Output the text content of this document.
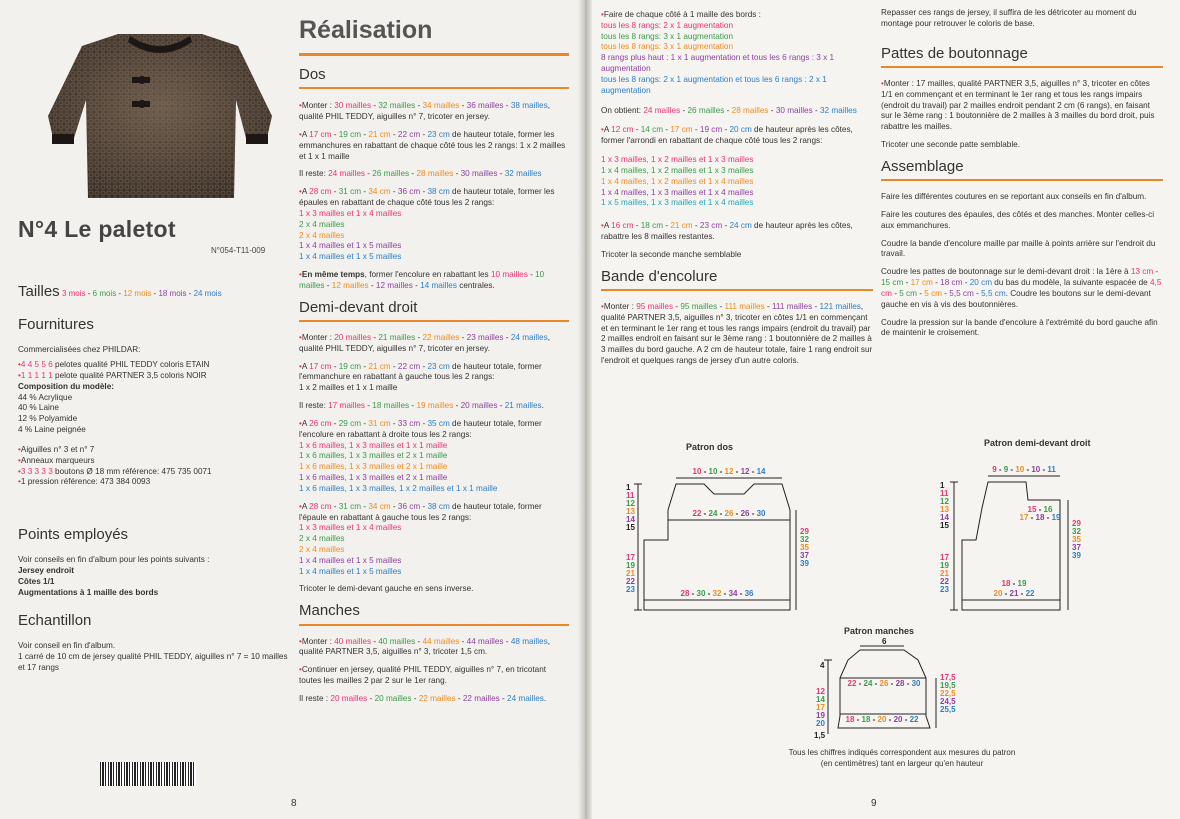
N°4 Le paletot
N°054-T11-009
Tailles 3 mois - 6 mois - 12 mois - 18 mois - 24 mois
Fournitures
Commercialisées chez PHILDAR:
•4 4 5 5 6 pelotes qualité PHIL TEDDY coloris ETAIN
•1 1 1 1 1 pelote qualité PARTNER 3,5 coloris NOIR
Composition du modèle:
44 % Acrylique
40 % Laine
12 % Polyamide
4 % Laine peignée
•Aiguilles n° 3 et n° 7
•Anneaux marqueurs
•3 3 3 3 3 boutons Ø 18 mm référence: 475 735 0071
•1 pression référence: 473 384 0093
Points employés
Voir conseils en fin d'album pour les points suivants :
Jersey endroit
Côtes 1/1
Augmentations à 1 maille des bords
Echantillon
Voir conseil en fin d'album.
1 carré de 10 cm de jersey qualité PHIL TEDDY, aiguilles n° 7 = 10 mailles et 17 rangs
Réalisation
Dos
•Monter : 30 mailles - 32 mailles - 34 mailles - 36 mailles - 38 mailles, qualité PHIL TEDDY, aiguilles n° 7, tricoter en jersey.
•A 17 cm - 19 cm - 21 cm - 22 cm - 23 cm de hauteur totale, former les emmanchures en rabattant de chaque côté tous les 2 rangs: 1 x 2 mailles et 1 x 1 maille
Il reste: 24 mailles - 26 mailles - 28 mailles - 30 mailles - 32 mailles
•A 28 cm - 31 cm - 34 cm - 36 cm - 38 cm de hauteur totale, former les épaules en rabattant de chaque côté tous les 2 rangs:
1 x 3 mailles et 1 x 4 mailles
2 x 4 mailles
2 x 4 mailles
1 x 4 mailles et 1 x 5 mailles
1 x 4 mailles et 1 x 5 mailles
•En même temps, former l'encolure en rabattant les 10 mailles - 10 mailles - 12 mailles - 12 mailles - 14 mailles centrales.
Demi-devant droit
•Monter : 20 mailles - 21 mailles - 22 mailles - 23 mailles - 24 mailles, qualité PHIL TEDDY, aiguilles n° 7, tricoter en jersey.
•A 17 cm - 19 cm - 21 cm - 22 cm - 23 cm de hauteur totale, former l'emmanchure en rabattant à gauche tous les 2 rangs:
1 x 2 mailles et 1 x 1 maille
Il reste: 17 mailles - 18 mailles - 19 mailles - 20 mailles - 21 mailles.
•A 26 cm - 29 cm - 31 cm - 33 cm - 35 cm de hauteur totale, former l'encolure en rabattant à droite tous les 2 rangs:
1 x 6 mailles, 1 x 3 mailles et 1 x 1 maille
1 x 6 mailles, 1 x 3 mailles et 2 x 1 maille
1 x 6 mailles, 1 x 3 mailles et 2 x 1 maille
1 x 6 mailles, 1 x 3 mailles et 2 x 1 maille
1 x 6 mailles, 1 x 3 mailles, 1 x 2 mailles et 1 x 1 maille
•A 28 cm - 31 cm - 34 cm - 36 cm - 38 cm de hauteur totale, former l'épaule en rabattant à gauche tous les 2 rangs:
1 x 3 mailles et 1 x 4 mailles
2 x 4 mailles
2 x 4 mailles
1 x 4 mailles et 1 x 5 mailles
1 x 4 mailles et 1 x 5 mailles
Tricoter le demi-devant gauche en sens inverse.
Manches
•Monter : 40 mailles - 40 mailles - 44 mailles - 44 mailles - 48 mailles, qualité PARTNER 3,5, aiguilles n° 3, tricoter 1,5 cm.
•Continuer en jersey, qualité PHIL TEDDY, aiguilles n° 7, en tricotant toutes les mailles 2 par 2 sur le 1er rang.
Il reste : 20 mailles - 20 mailles - 22 mailles - 22 mailles - 24 mailles.
8
•Faire de chaque côté à 1 maille des bords :
tous les 8 rangs: 2 x 1 augmentation
tous les 8 rangs: 3 x 1 augmentation
tous les 8 rangs: 3 x 1 augmentation
8 rangs plus haut : 1 x 1 augmentation et tous les 6 rangs : 3 x 1 augmentation
tous les 8 rangs: 2 x 1 augmentation et tous les 6 rangs : 2 x 1 augmentation
On obtient: 24 mailles - 26 mailles - 28 mailles - 30 mailles - 32 mailles
•A 12 cm - 14 cm - 17 cm - 19 cm - 20 cm de hauteur après les côtes, former l'arrondi en rabattant de chaque côté tous les 2 rangs:
1 x 3 mailles, 1 x 2 mailles et 1 x 3 mailles
1 x 4 mailles, 1 x 2 mailles et 1 x 3 mailles
1 x 4 mailles, 1 x 2 mailles et 1 x 4 mailles
1 x 4 mailles, 1 x 3 mailles et 1 x 4 mailles
1 x 5 mailles, 1 x 3 mailles et 1 x 4 mailles
•A 16 cm - 18 cm - 21 cm - 23 cm - 24 cm de hauteur après les côtes, rabattre les 8 mailles restantes.
Tricoter la seconde manche semblable
Bande d'encolure
•Monter : 95 mailles - 95 mailles - 111 mailles - 111 mailles - 121 mailles, qualité PARTNER 3,5, aiguilles n° 3, tricoter en côtes 1/1 en commençant et en terminant le 1er rang et tous les rangs impairs (endroit du travail) par 2 mailles endroit en faisant sur le 3ème rang : 1 boutonnière de 2 mailles à 3 mailles du bord gauche. A 2 cm de hauteur totale, faire 1 rang endroit sur l'endroit et quelques rangs de jersey d'un autre coloris.
Repasser ces rangs de jersey, il suffira de les détricoter au moment du montage pour retrouver le coloris de base.
Pattes de boutonnage
•Monter : 17 mailles, qualité PARTNER 3,5, aiguilles n° 3, tricoter en côtes 1/1 en commençant et en terminant le 1er rang et tous les rangs impairs (endroit du travail) par 2 mailles endroit pendant 2 cm (6 rangs), en faisant sur le 3ème rang : 1 boutonnière de 2 mailles à 3 mailles du bord droit, puis rabattre les mailles.
Tricoter une seconde patte semblable.
Assemblage
Faire les différentes coutures en se reportant aux conseils en fin d'album.
Faire les coutures des épaules, des côtés et des manches. Monter celles-ci aux emmanchures.
Coudre la bande d'encolure maille par maille à points arrière sur l'endroit du travail.
Coudre les pattes de boutonnage sur le demi-devant droit : la 1ère à 13 cm - 15 cm - 17 cm - 18 cm - 20 cm du bas du modèle, la suivante espacée de 4,5 cm - 5 cm - 5 cm - 5,5 cm - 5,5 cm. Coudre les boutons sur le demi-devant gauche en vis à vis des boutonnières.
Coudre la pression sur la bande d'encolure à l'extrémité du bord gauche afin de maintenir le croisement.
Patron dos
10 - 10 - 12 - 12 - 14
22 - 24 - 26 - 26 - 30
28 - 30 - 32 - 34 - 36
1
11
12
13
14
15
17
19
21
22
23
29
32
35
37
39
Patron demi-devant droit
9 - 9 - 10 - 10 - 11
15 - 16
17 - 18 - 19
18 - 19
20 - 21 - 22
1
11
12
13
14
15
17
19
21
22
23
29
32
35
37
39
Patron manches
6
4
22 - 24 - 26 - 28 - 30
18 - 18 - 20 - 20 - 22
12
14
17
19
20
1,5
17,5
19,5
22,5
24,5
25,5
Tous les chiffres indiqués correspondent aux mesures du patron
(en centimètres) tant en largeur qu'en hauteur
9
